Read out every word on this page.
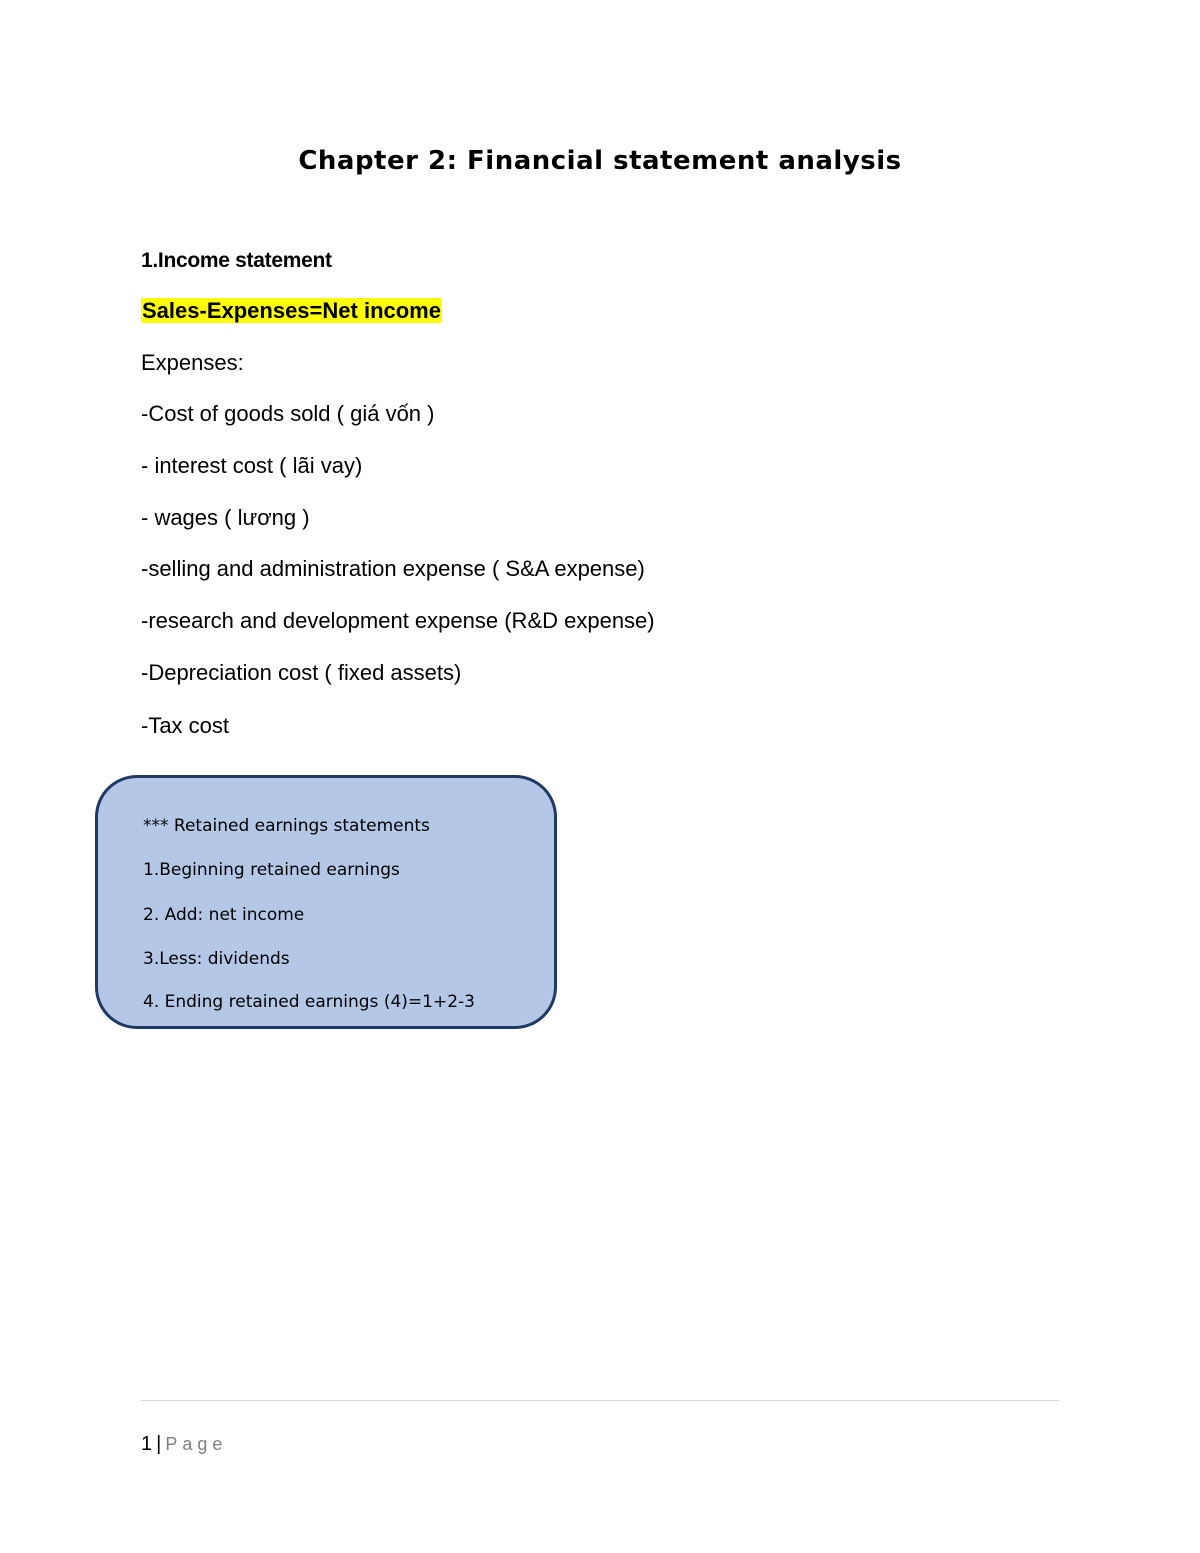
Chapter 2: Financial statement analysis
1.Income statement
Sales-Expenses=Net income
Expenses:
-Cost of goods sold ( giá vốn )
- interest cost ( lãi vay)
- wages ( lương )
-selling and administration expense ( S&A expense)
-research and development expense (R&D expense)
-Depreciation cost ( fixed assets)
-Tax cost
*** Retained earnings statements
1.Beginning retained earnings
2. Add: net income
3.Less: dividends
4. Ending retained earnings (4)=1+2-3
1 | Page
